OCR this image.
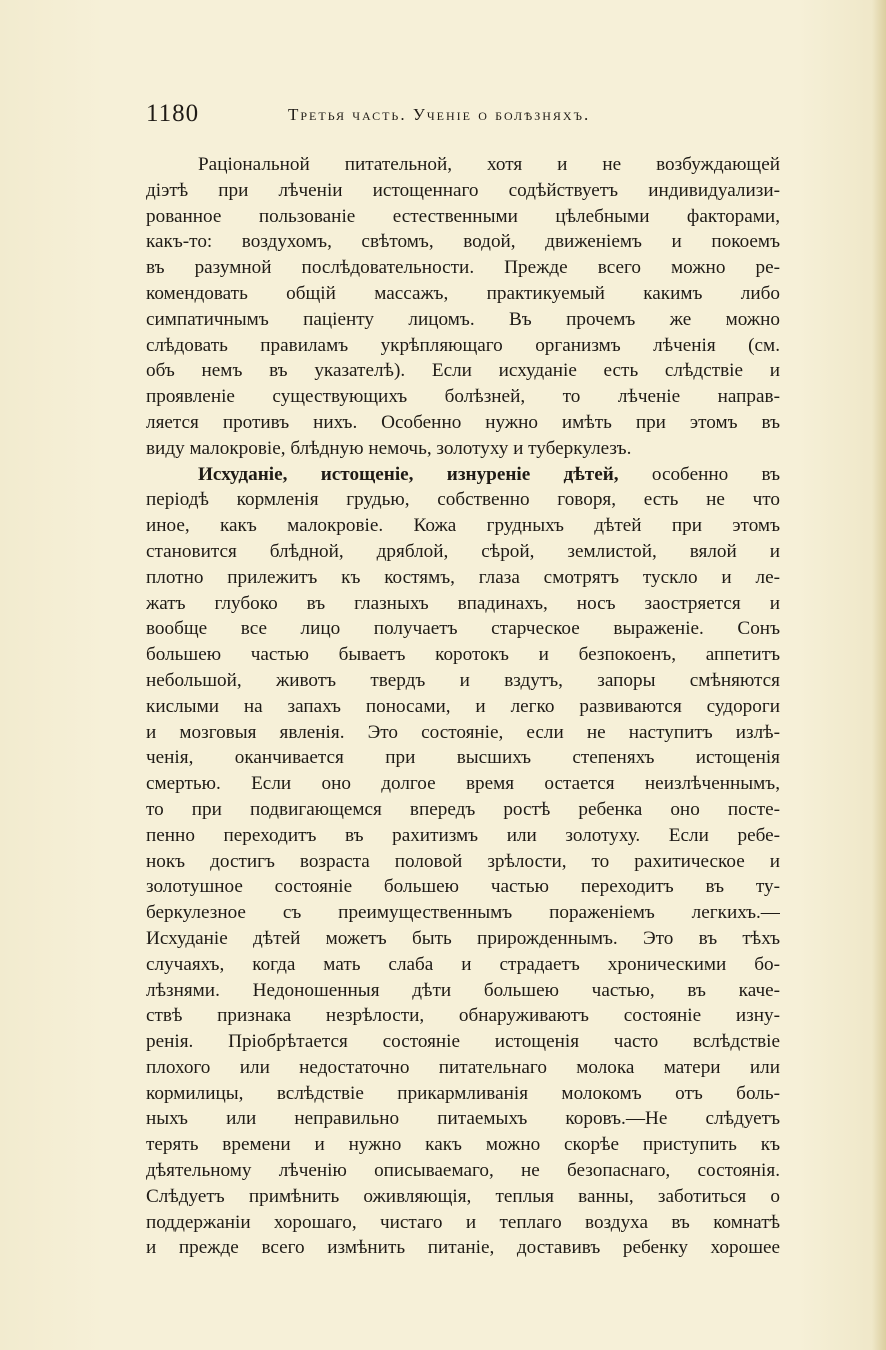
1180	Третья часть. Ученіе о болѣзняхъ.
Раціональной питательной, хотя и не возбуждающей
діэтѣ при лѣченіи истощеннаго содѣйствуетъ индивидуализи-
рованное пользованіе естественными цѣлебными факторами,
какъ-то: воздухомъ, свѣтомъ, водой, движеніемъ и покоемъ
въ разумной послѣдовательности. Прежде всего можно ре-
комендовать общій массажъ, практикуемый какимъ либо
симпатичнымъ паціенту лицомъ. Въ прочемъ же можно
слѣдовать правиламъ укрѣпляющаго организмъ лѣченія (см.
объ немъ въ указателѣ). Если исхуданіе есть слѣдствіе и
проявленіе существующихъ болѣзней, то лѣченіе направ-
ляется противъ нихъ. Особенно нужно имѣть при этомъ въ
виду малокровіе, блѣдную немочь, золотуху и туберкулезъ.
Исхуданіе, истощеніе, изнуреніе дѣтей, особенно въ
періодѣ кормленія грудью, собственно говоря, есть не что
иное, какъ малокровіе. Кожа грудныхъ дѣтей при этомъ
становится блѣдной, дряблой, сѣрой, землистой, вялой и
плотно прилежитъ къ костямъ, глаза смотрятъ тускло и ле-
жатъ глубоко въ глазныхъ впадинахъ, носъ заостряется и
вообще все лицо получаетъ старческое выраженіе. Сонъ
большею частью бываетъ коротокъ и безпокоенъ, аппетитъ
небольшой, животъ твердъ и вздутъ, запоры смѣняются
кислыми на запахъ поносами, и легко развиваются судороги
и мозговыя явленія. Это состояніе, если не наступитъ излѣ-
ченія, оканчивается при высшихъ степеняхъ истощенія
смертью. Если оно долгое время остается неизлѣченнымъ,
то при подвигающемся впередъ ростѣ ребенка оно посте-
пенно переходитъ въ рахитизмъ или золотуху. Если ребе-
нокъ достигъ возраста половой зрѣлости, то рахитическое и
золотушное состояніе большею частью переходитъ въ ту-
беркулезное съ преимущественнымъ пораженіемъ легкихъ.—
Исхуданіе дѣтей можетъ быть прирожденнымъ. Это въ тѣхъ
случаяхъ, когда мать слаба и страдаетъ хроническими бо-
лѣзнями. Недоношенныя дѣти большею частью, въ каче-
ствѣ признака незрѣлости, обнаруживаютъ состояніе изну-
ренія. Пріобрѣтается состояніе истощенія часто вслѣдствіе
плохого или недостаточно питательнаго молока матери или
кормилицы, вслѣдствіе прикармливанія молокомъ отъ боль-
ныхъ или неправильно питаемыхъ коровъ.—Не слѣдуетъ
терять времени и нужно какъ можно скорѣе приступить къ
дѣятельному лѣченію описываемаго, не безопаснаго, состоянія.
Слѣдуетъ примѣнить оживляющія, теплыя ванны, заботиться о
поддержаніи хорошаго, чистаго и теплаго воздуха въ комнатѣ
и прежде всего измѣнить питаніе, доставивъ ребенку хорошее
